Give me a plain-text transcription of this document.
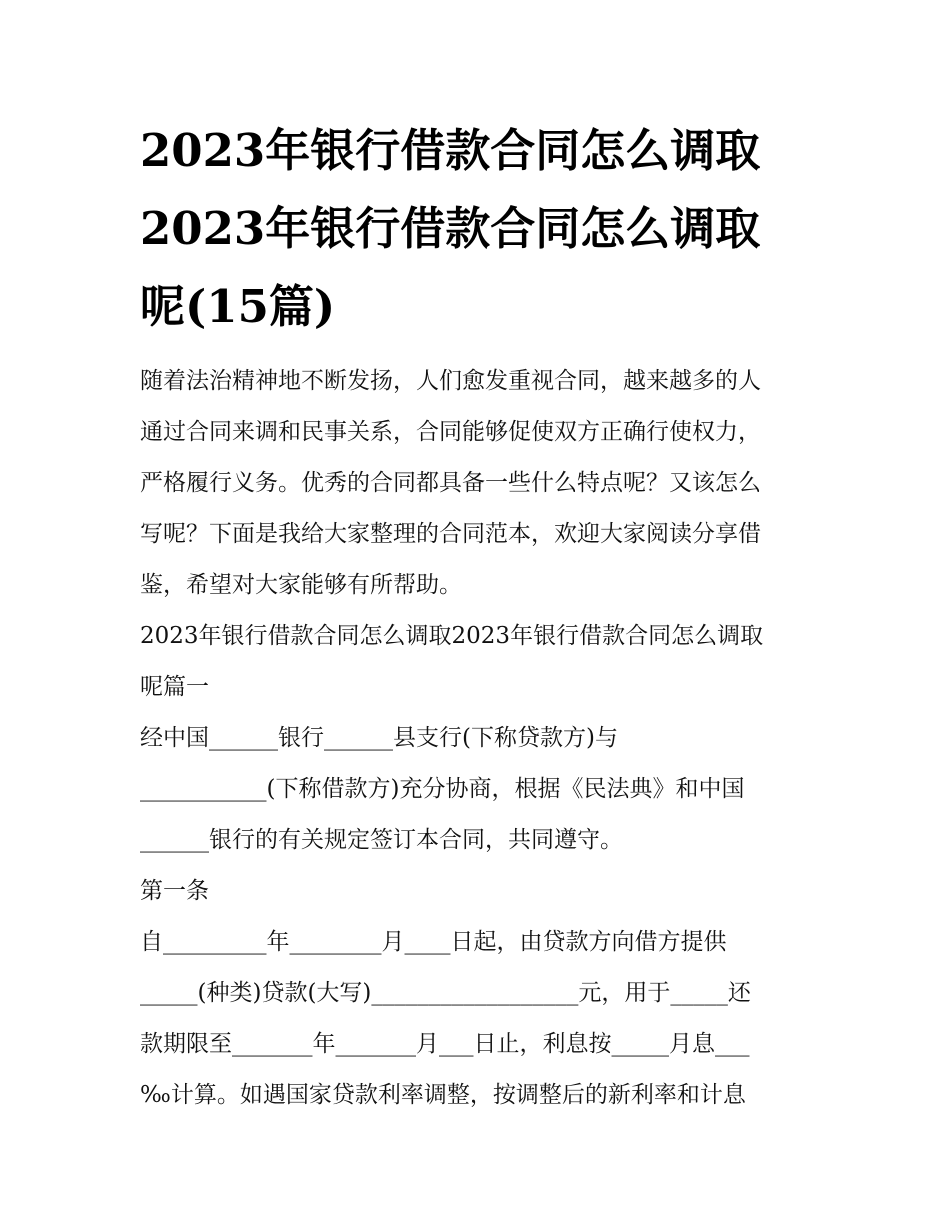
2023年银行借款合同怎么调取
2023年银行借款合同怎么调取
呢(15篇)
随着法治精神地不断发扬，人们愈发重视合同，越来越多的人
通过合同来调和民事关系，合同能够促使双方正确行使权力，
严格履行义务。优秀的合同都具备一些什么特点呢？又该怎么
写呢？下面是我给大家整理的合同范本，欢迎大家阅读分享借
鉴，希望对大家能够有所帮助。
2023年银行借款合同怎么调取2023年银行借款合同怎么调取
呢篇一
经中国______银行______县支行(下称贷款方)与
___________(下称借款方)充分协商，根据《民法典》和中国
______银行的有关规定签订本合同，共同遵守。
第一条
自_________年________月____日起，由贷款方向借方提供
_____(种类)贷款(大写)__________________元，用于_____还
款期限至_______年_______月___日止，利息按_____月息___
‰计算。如遇国家贷款利率调整，按调整后的新利率和计息
